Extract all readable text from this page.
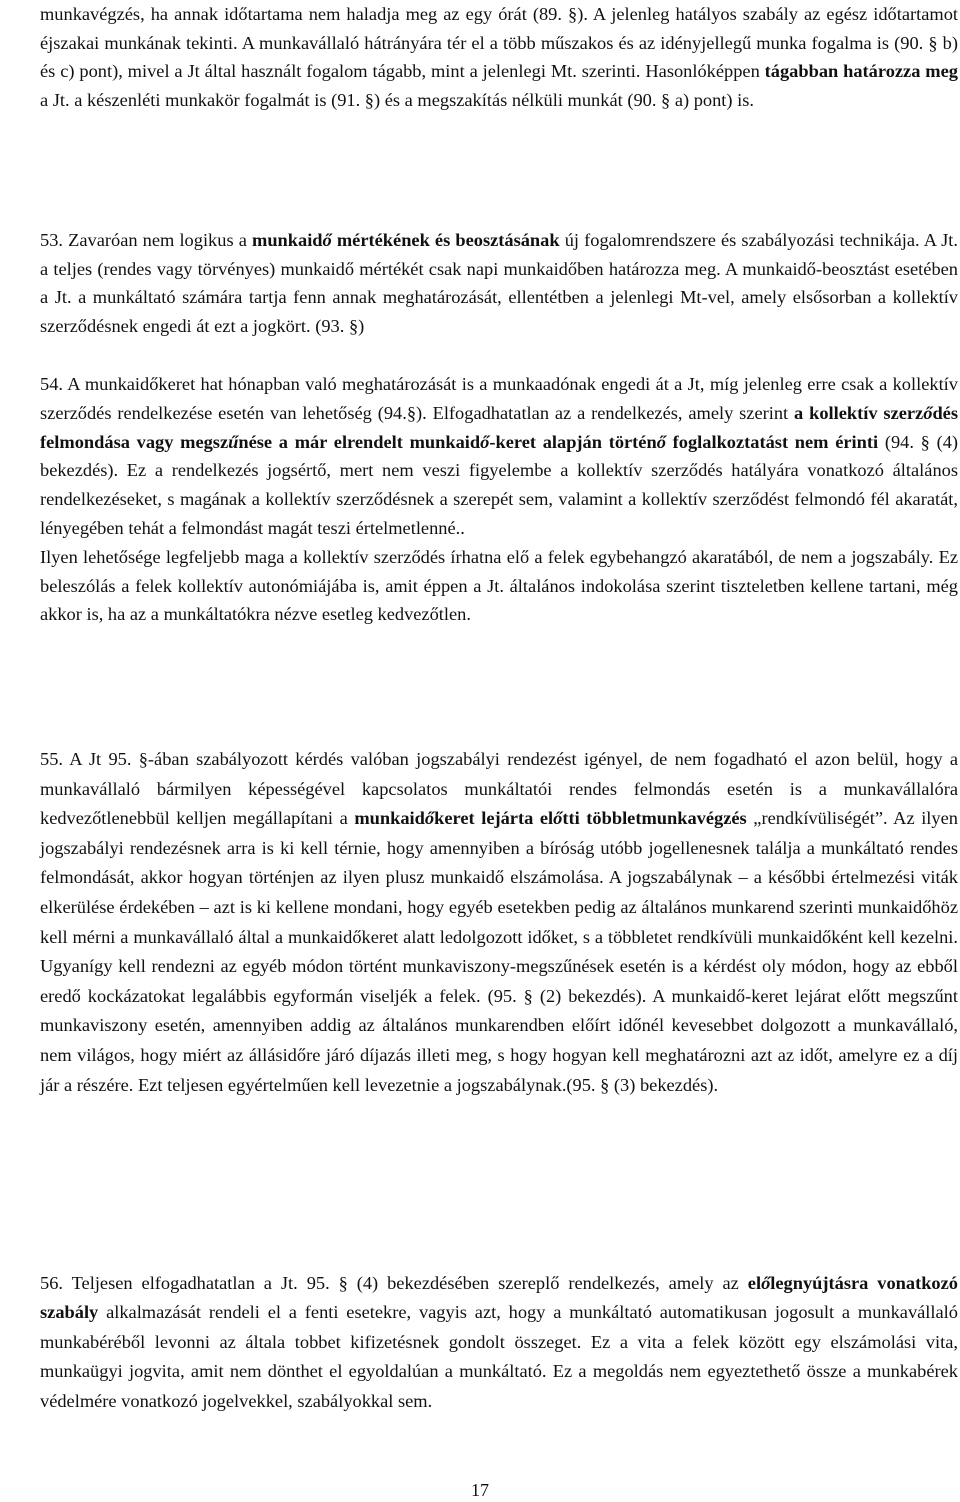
munkavégzés, ha annak időtartama nem haladja meg az egy órát (89. §). A jelenleg hatályos szabály az egész időtartamot éjszakai munkának tekinti. A munkavállaló hátrányára tér el a több műszakos és az idényjellegű munka fogalma is (90. § b) és c) pont), mivel a Jt által használt fogalom tágabb, mint a jelenlegi Mt. szerinti. Hasonlóképpen tágabban határozza meg a Jt. a készenléti munkakör fogalmát is (91. §) és a megszakítás nélküli munkát (90. § a) pont) is.

53. Zavaróan nem logikus a munkaidő mértékének és beosztásának új fogalomrendszere és szabályozási technikája. A Jt. a teljes (rendes vagy törvényes) munkaidő mértékét csak napi munkaidőben határozza meg. A munkaidő-beosztást esetében a Jt. a munkáltató számára tartja fenn annak meghatározását, ellentétben a jelenlegi Mt-vel, amely elsősorban a kollektív szerződésnek engedi át ezt a jogkört. (93. §)

54. A munkaidőkeret hat hónapban való meghatározását is a munkaadónak engedi át a Jt, míg jelenleg erre csak a kollektív szerződés rendelkezése esetén van lehetőség (94.§). Elfogadhatatlan az a rendelkezés, amely szerint a kollektív szerződés felmondása vagy megszűnése a már elrendelt munkaidő-keret alapján történő foglalkoztatást nem érinti (94. § (4) bekezdés). Ez a rendelkezés jogsértő, mert nem veszi figyelembe a kollektív szerződés hatályára vonatkozó általános rendelkezéseket, s magának a kollektív szerződésnek a szerepét sem, valamint a kollektív szerződést felmondó fél akaratát, lényegében tehát a felmondást magát teszi értelmetlenné..

Ilyen lehetősége legfeljebb maga a kollektív szerződés írhatna elő a felek egybehangzó akaratából, de nem a jogszabály. Ez beleszólás a felek kollektív autonómiájába is, amit éppen a Jt. általános indokolása szerint tiszteletben kellene tartani, még akkor is, ha az a munkáltatókra nézve esetleg kedvezőtlen.

55. A Jt 95. §-ában szabályozott kérdés valóban jogszabályi rendezést igényel, de nem fogadható el azon belül, hogy a munkavállaló bármilyen képességével kapcsolatos munkáltatói rendes felmondás esetén is a munkavállalóra kedvezőtlenebbül kelljen megállapítani a munkaidőkeret lejárta előtti többletmunkavégzés „rendkívüliségét”. Az ilyen jogszabályi rendezésnek arra is ki kell térnie, hogy amennyiben a bíróság utóbb jogellenesnek találja a munkáltató rendes felmondását, akkor hogyan történjen az ilyen plusz munkaidő elszámolása. A jogszabálynak – a későbbi értelmezési viták elkerülése érdekében – azt is ki kellene mondani, hogy egyéb esetekben pedig az általános munkarend szerinti munkaidőhöz kell mérni a munkavállaló által a munkaidőkeret alatt ledolgozott időket, s a többletet rendkívüli munkaidőként kell kezelni. Ugyanígy kell rendezni az egyéb módon történt munkaviszony-megszűnések esetén is a kérdést oly módon, hogy az ebből eredő kockázatokat legalábbis egyformán viseljék a felek. (95. § (2) bekezdés). A munkaidő-keret lejárat előtt megszűnt munkaviszony esetén, amennyiben addig az általános munkarendben előírt időnél kevesebbet dolgozott a munkavállaló, nem világos, hogy miért az állásidőre járó díjazás illeti meg, s hogy hogyan kell meghatározni azt az időt, amelyre ez a díj jár a részére. Ezt teljesen egyértelműen kell levezetnie a jogszabálynak.(95. § (3) bekezdés).

56. Teljesen elfogadhatatlan a Jt. 95. § (4) bekezdésében szereplő rendelkezés, amely az előlegnyújtásra vonatkozó szabály alkalmazását rendeli el a fenti esetekre, vagyis azt, hogy a munkáltató automatikusan jogosult a munkavállaló munkabéréből levonni az általa tobbet kifizetésnek gondolt összeget. Ez a vita a felek között egy elszámolási vita, munkaügyi jogvita, amit nem dönthet el egyoldalúan a munkáltató. Ez a megoldás nem egyeztethető össze a munkabérek védelmére vonatkozó jogelvekkel, szabályokkal sem.

17
